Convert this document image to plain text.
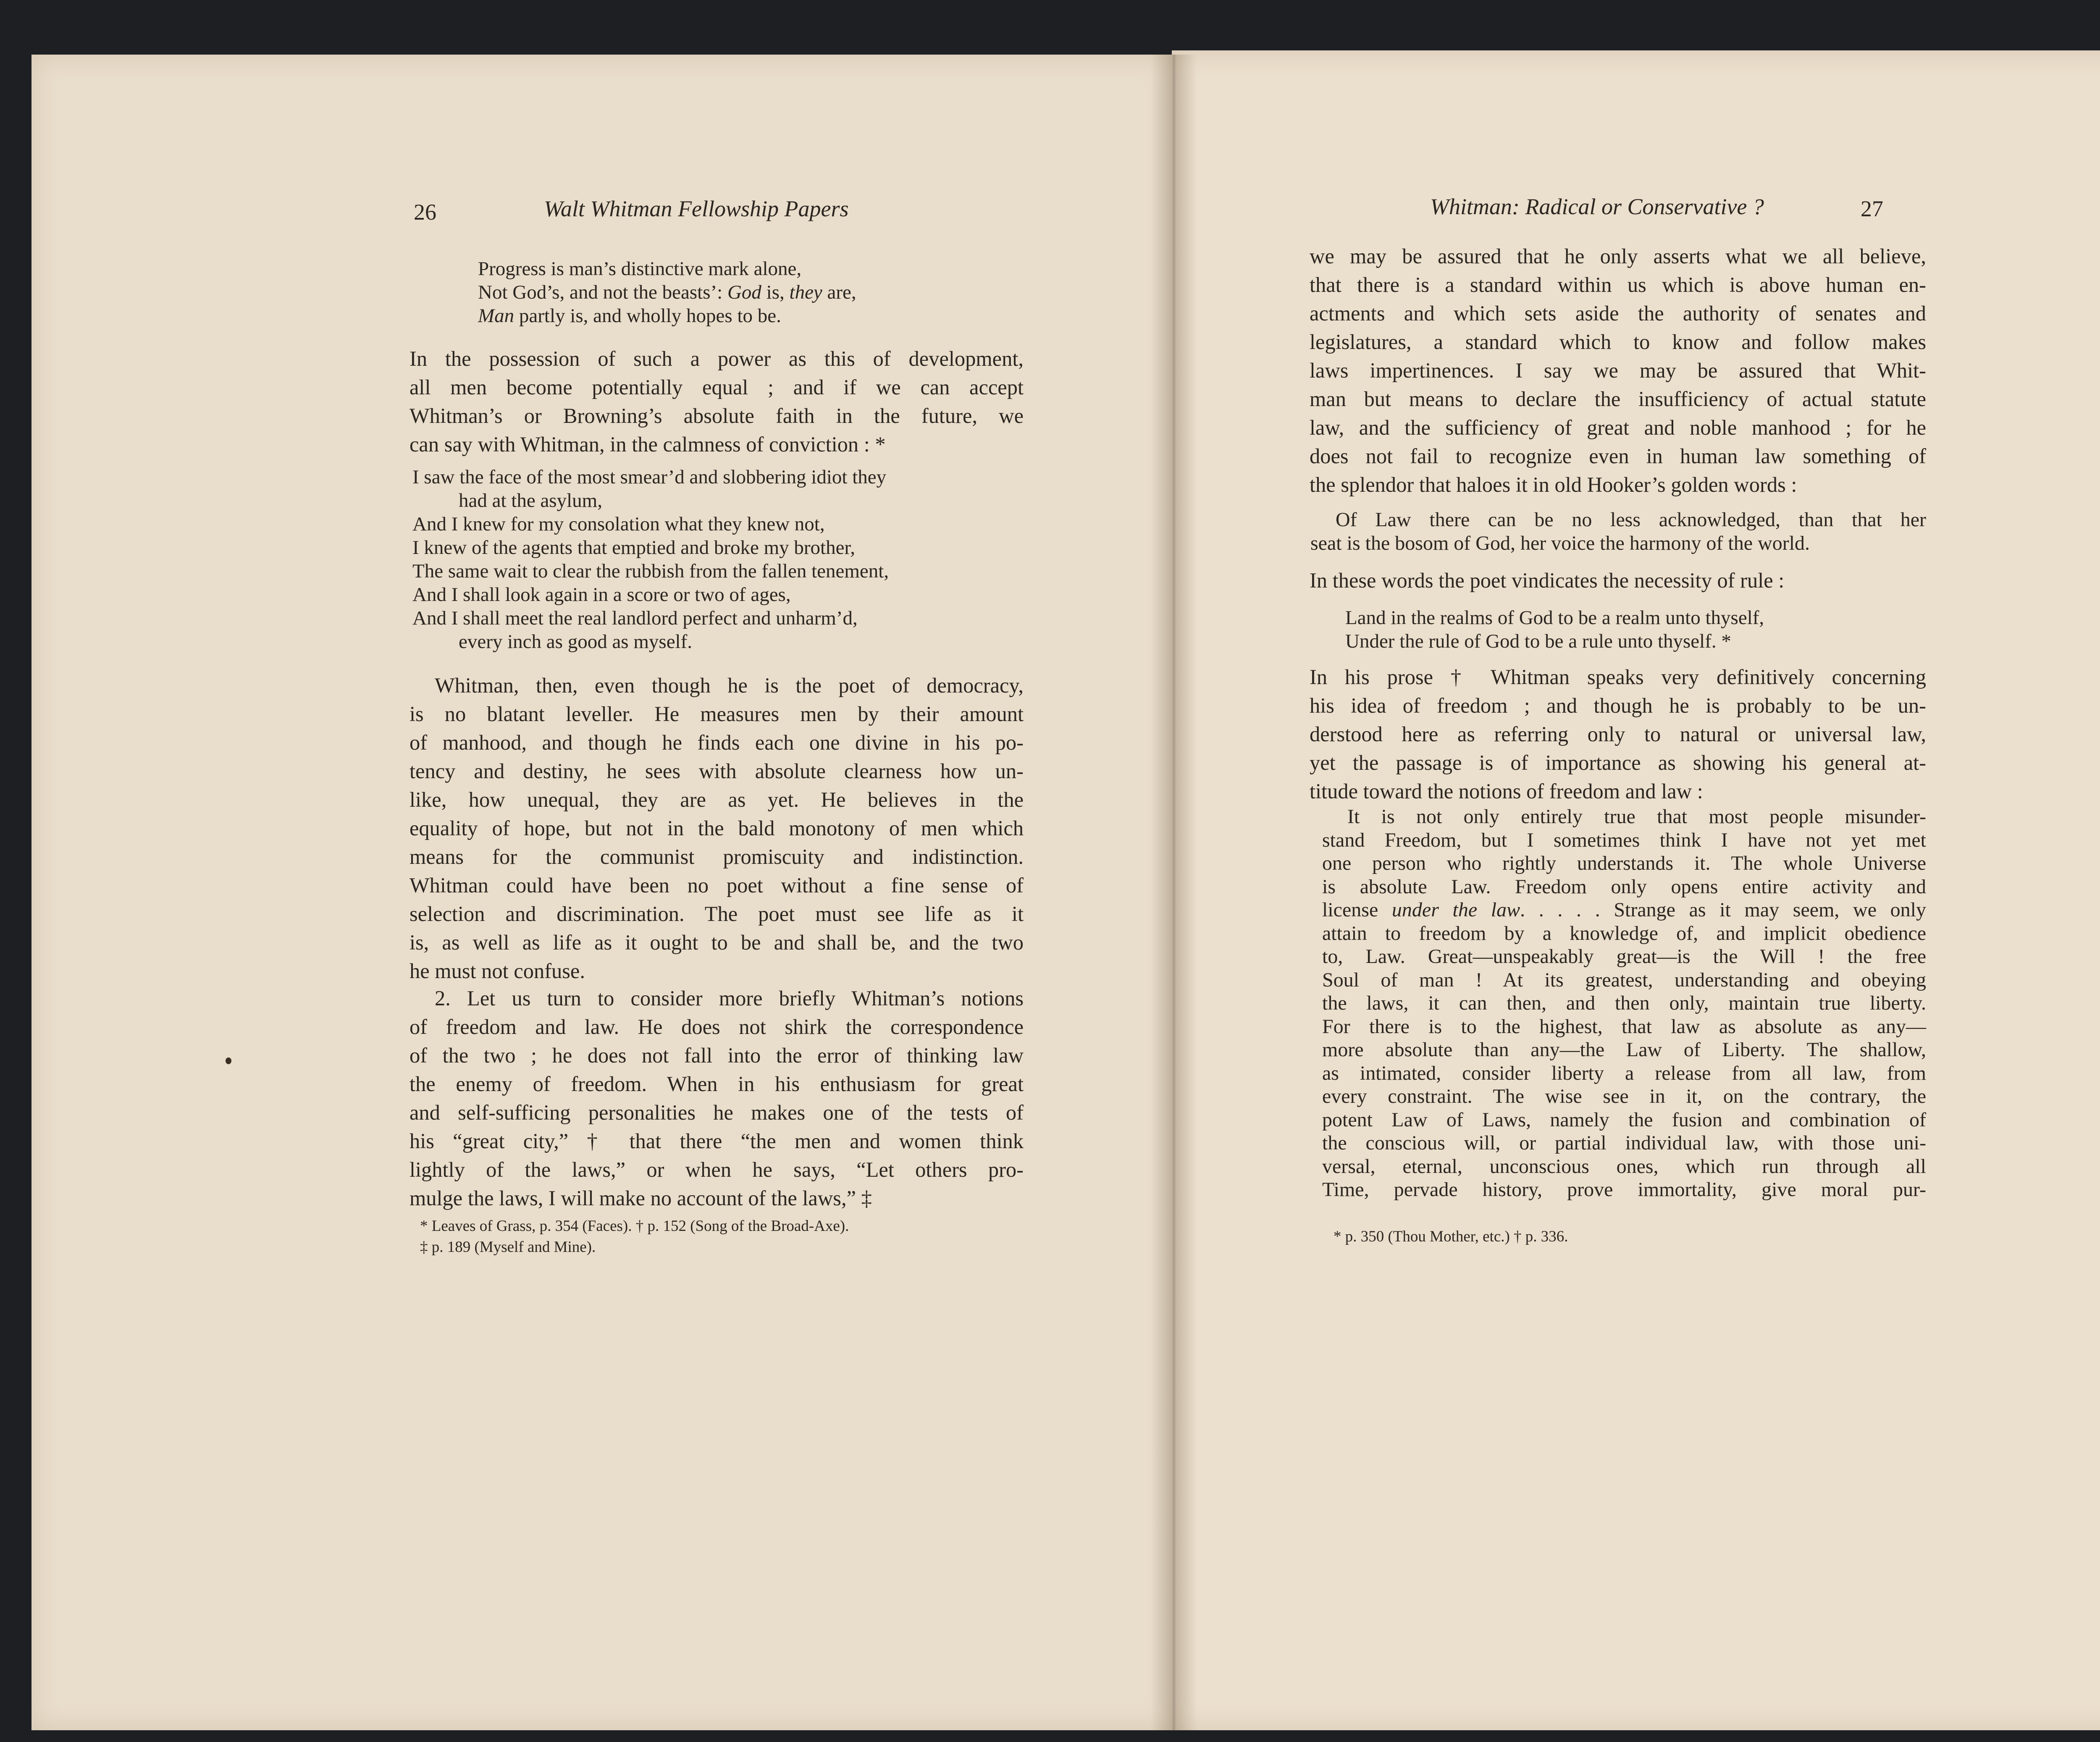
26	Walt Whitman Fellowship Papers
Progress is man’s distinctive mark alone,
Not God’s, and not the beasts’: God is, they are,
Man partly is, and wholly hopes to be.
In the possession of such a power as this of development,
all men become potentially equal ; and if we can accept
Whitman’s or Browning’s absolute faith in the future, we
can say with Whitman, in the calmness of conviction : *
I saw the face of the most smear’d and slobbering idiot they
had at the asylum,
And I knew for my consolation what they knew not,
I knew of the agents that emptied and broke my brother,
The same wait to clear the rubbish from the fallen tenement,
And I shall look again in a score or two of ages,
And I shall meet the real landlord perfect and unharm’d,
every inch as good as myself.
Whitman, then, even though he is the poet of democracy,
is no blatant leveller. He measures men by their amount
of manhood, and though he finds each one divine in his po-
tency and destiny, he sees with absolute clearness how un-
like, how unequal, they are as yet. He believes in the
equality of hope, but not in the bald monotony of men which
means for the communist promiscuity and indistinction.
Whitman could have been no poet without a fine sense of
selection and discrimination. The poet must see life as it
is, as well as life as it ought to be and shall be, and the two
he must not confuse.
2. Let us turn to consider more briefly Whitman’s notions
of freedom and law. He does not shirk the correspondence
of the two ; he does not fall into the error of thinking law
the enemy of freedom. When in his enthusiasm for great
and self-sufficing personalities he makes one of the tests of
his “great city,” † that there “the men and women think
lightly of the laws,” or when he says, “Let others pro-
mulge the laws, I will make no account of the laws,” ‡
* Leaves of Grass, p. 354 (Faces). † p. 152 (Song of the Broad-Axe).
‡ p. 189 (Myself and Mine).
Whitman: Radical or Conservative ?	27
we may be assured that he only asserts what we all believe,
that there is a standard within us which is above human en-
actments and which sets aside the authority of senates and
legislatures, a standard which to know and follow makes
laws impertinences. I say we may be assured that Whit-
man but means to declare the insufficiency of actual statute
law, and the sufficiency of great and noble manhood ; for he
does not fail to recognize even in human law something of
the splendor that haloes it in old Hooker’s golden words :
Of Law there can be no less acknowledged, than that her
seat is the bosom of God, her voice the harmony of the world.
In these words the poet vindicates the necessity of rule :
Land in the realms of God to be a realm unto thyself,
Under the rule of God to be a rule unto thyself. *
In his prose † Whitman speaks very definitively concerning
his idea of freedom ; and though he is probably to be un-
derstood here as referring only to natural or universal law,
yet the passage is of importance as showing his general at-
titude toward the notions of freedom and law :
It is not only entirely true that most people misunder-
stand Freedom, but I sometimes think I have not yet met
one person who rightly understands it. The whole Universe
is absolute Law. Freedom only opens entire activity and
license under the law. . . . . Strange as it may seem, we only
attain to freedom by a knowledge of, and implicit obedience
to, Law. Great—unspeakably great—is the Will ! the free
Soul of man ! At its greatest, understanding and obeying
the laws, it can then, and then only, maintain true liberty.
For there is to the highest, that law as absolute as any—
more absolute than any—the Law of Liberty. The shallow,
as intimated, consider liberty a release from all law, from
every constraint. The wise see in it, on the contrary, the
potent Law of Laws, namely the fusion and combination of
the conscious will, or partial individual law, with those uni-
versal, eternal, unconscious ones, which run through all
Time, pervade history, prove immortality, give moral pur-
* p. 350 (Thou Mother, etc.) † p. 336.
